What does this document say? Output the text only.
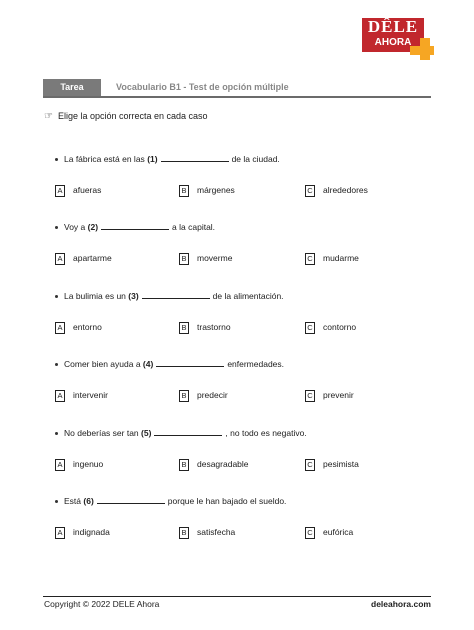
DÊLE
AHORA
Tarea	Vocabulario B1 - Test de opción múltiple
☞ Elige la opción correcta en cada caso
La fábrica está en las (1)	de la ciudad.
A afueras	B márgenes	C alrededores
Voy a (2)	a la capital.
A apartarme	B moverme	C mudarme
La bulimia es un (3)	de la alimentación.
A entorno	B trastorno	C contorno
Comer bien ayuda a (4)	enfermedades.
A intervenir	B predecir	C prevenir
No deberías ser tan (5)	, no todo es negativo.
A ingenuo	B desagradable	C pesimista
Está (6)	porque le han bajado el sueldo.
A indignada	B satisfecha	C eufórica
Copyright © 2022 DELE Ahora	deleahora.com
